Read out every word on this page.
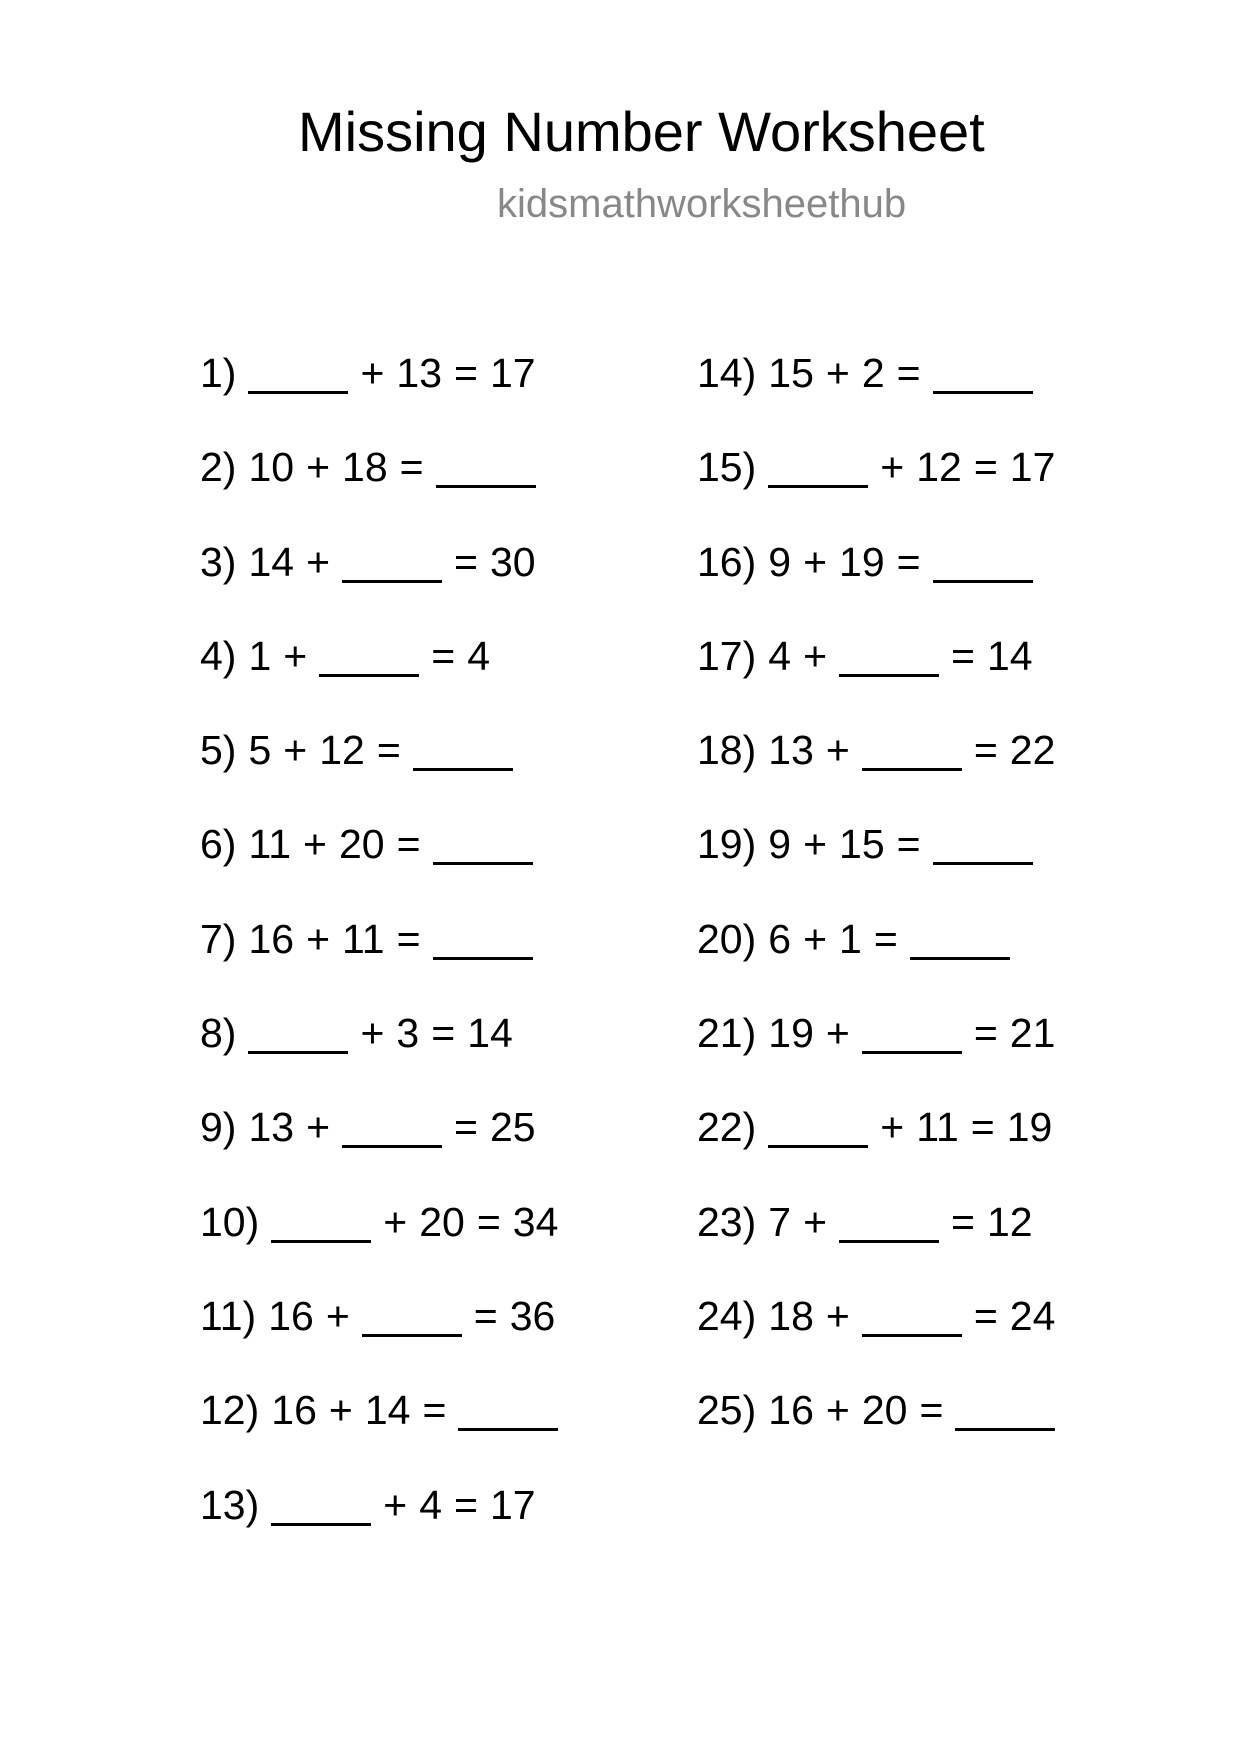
Missing Number Worksheet
kidsmathworksheethub
1)	+ 13 = 17
2) 10 + 18 =
3) 14 +	= 30
4) 1 +	= 4
5) 5 + 12 =
6) 11 + 20 =
7) 16 + 11 =
8)	+ 3 = 14
9) 13 +	= 25
10)	+ 20 = 34
11) 16 +	= 36
12) 16 + 14 =
13)	+ 4 = 17
14) 15 + 2 =
15)	+ 12 = 17
16) 9 + 19 =
17) 4 +	= 14
18) 13 +	= 22
19) 9 + 15 =
20) 6 + 1 =
21) 19 +	= 21
22)	+ 11 = 19
23) 7 +	= 12
24) 18 +	= 24
25) 16 + 20 =
